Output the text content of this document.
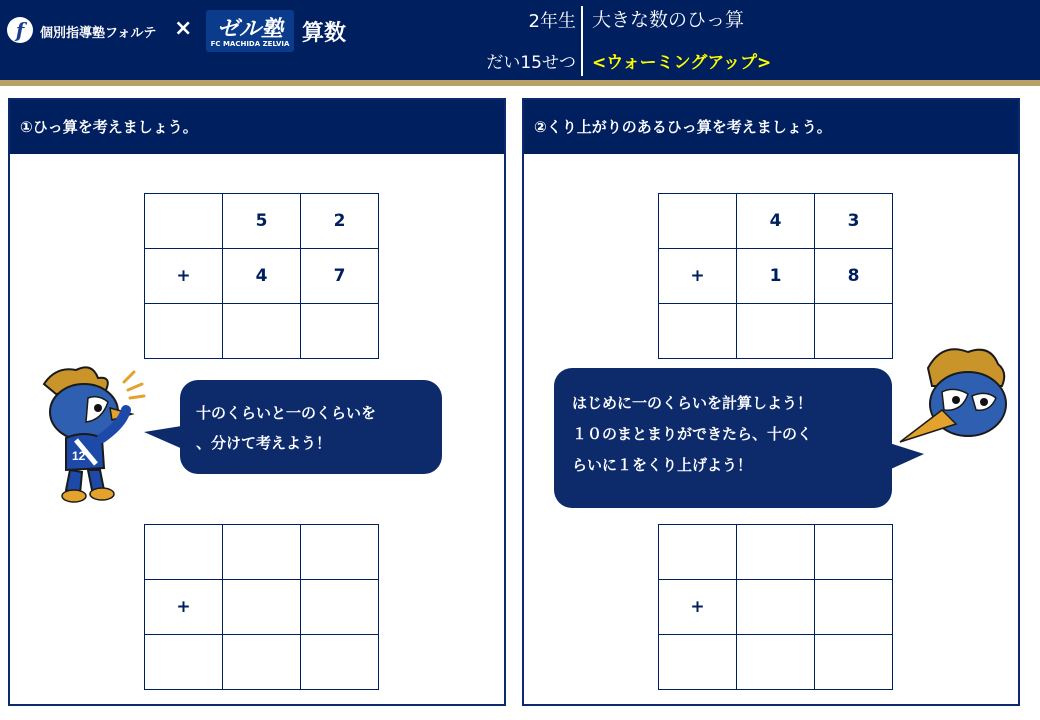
f	個別指導塾フォルテ ×	ゼル塾
FC MACHIDA ZELVIA 算数	2年生
だい15せつ
大きな数のひっ算
<ウォーミングアップ>
①ひっ算を考えましょう。
	5	2
+	4	7

12
十のくらいと一のくらいを
、分けて考えよう！

+		

②くり上がりのあるひっ算を考えましょう。
	4	3
+	1	8

はじめに一のくらいを計算しよう！
１０のまとまりができたら、十のく
らいに１をくり上げよう！

+		
